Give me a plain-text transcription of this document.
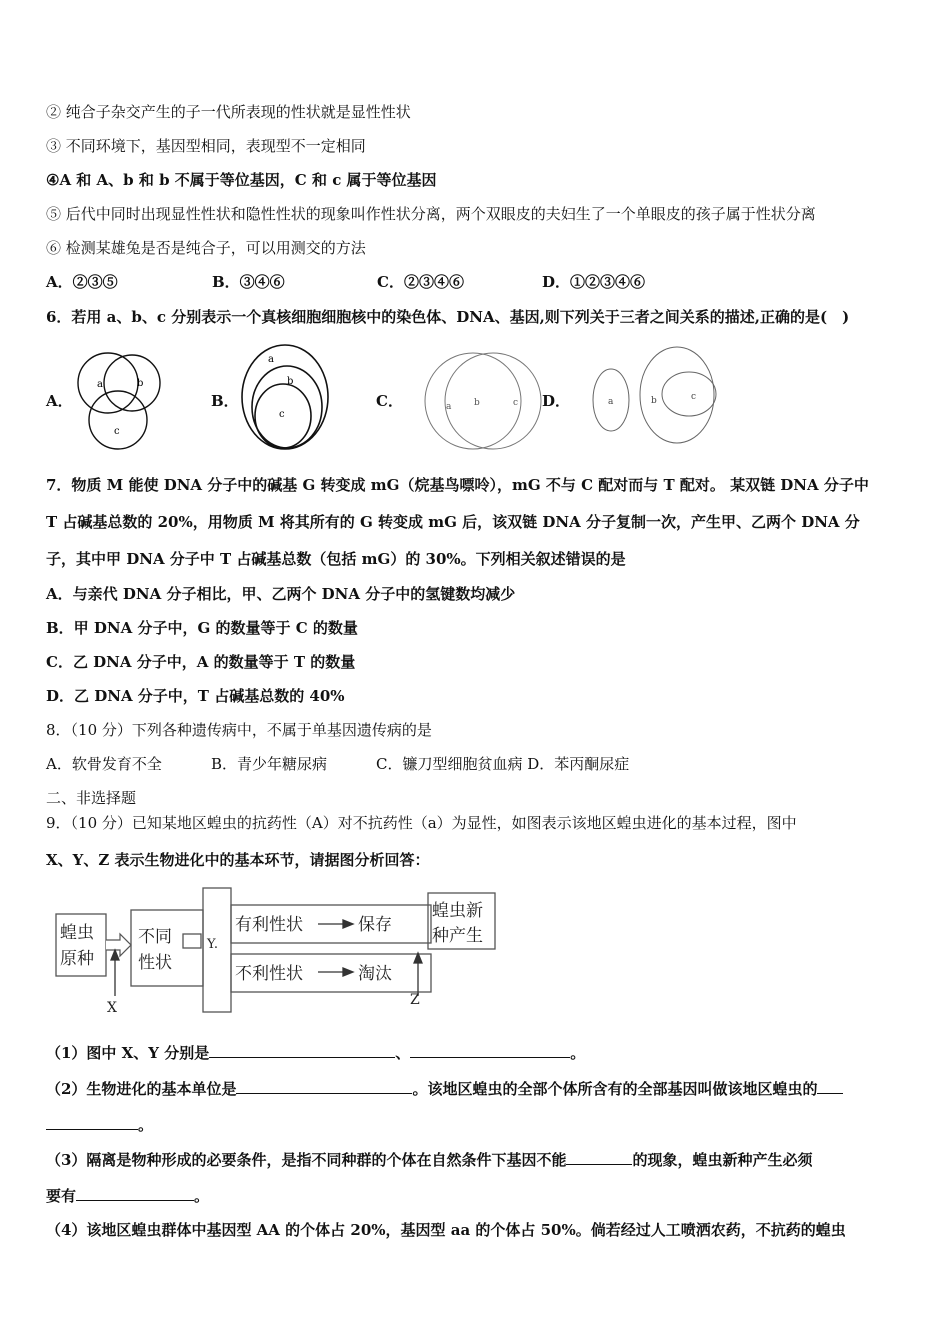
② 纯合子杂交产生的子一代所表现的性状就是显性性状
③ 不同环境下，基因型相同，表现型不一定相同
④A 和 A、b 和 b 不属于等位基因，C 和 c 属于等位基因
⑤ 后代中同时出现显性性状和隐性性状的现象叫作性状分离，两个双眼皮的夫妇生了一个单眼皮的孩子属于性状分离
⑥ 检测某雄兔是否是纯合子，可以用测交的方法
A．②③⑤	B．③④⑥	C．②③④⑥	D．①②③④⑥
6．若用 a、b、c 分别表示一个真核细胞细胞核中的染色体、DNA、基因,则下列关于三者之间关系的描述,正确的是(　)
A．	B．	C．	D．
a	b
c
a
b
c
a	b	c	a	b	c
7．物质 M 能使 DNA 分子中的碱基 G 转变成 mG（烷基鸟嘌呤），mG 不与 C 配对而与 T 配对。 某双链 DNA 分子中
T 占碱基总数的 20%，用物质 M 将其所有的 G 转变成 mG 后，该双链 DNA 分子复制一次，产生甲、乙两个 DNA 分
子，其中甲 DNA 分子中 T 占碱基总数（包括 mG）的 30%。下列相关叙述错误的是
A．与亲代 DNA 分子相比，甲、乙两个 DNA 分子中的氢键数均减少
B．甲 DNA 分子中，G 的数量等于 C 的数量
C．乙 DNA 分子中，A 的数量等于 T 的数量
D．乙 DNA 分子中，T 占碱基总数的 40%
8．（10 分）下列各种遗传病中，不属于单基因遗传病的是
A．软骨发育不全	B．青少年糖尿病	C．镰刀型细胞贫血病 D．苯丙酮尿症
二、非选择题
9．（10 分）已知某地区蝗虫的抗药性（A）对不抗药性（a）为显性，如图表示该地区蝗虫进化的基本过程，图中
X、Y、Z 表示生物进化中的基本环节，请据图分析回答：
蝗虫
原种
不同
性状
有利性状	保存
不利性状	淘汰
蝗虫新
种产生
Y.
X	Z
（1）图中 X、Y 分别是	、	。
（2）生物进化的基本单位是	。该地区蝗虫的全部个体所含有的全部基因叫做该地区蝗虫的
。
（3）隔离是物种形成的必要条件，是指不同种群的个体在自然条件下基因不能	的现象，蝗虫新种产生必须
要有	。
（4）该地区蝗虫群体中基因型 AA 的个体占 20%，基因型 aa 的个体占 50%。倘若经过人工喷洒农药，不抗药的蝗虫
